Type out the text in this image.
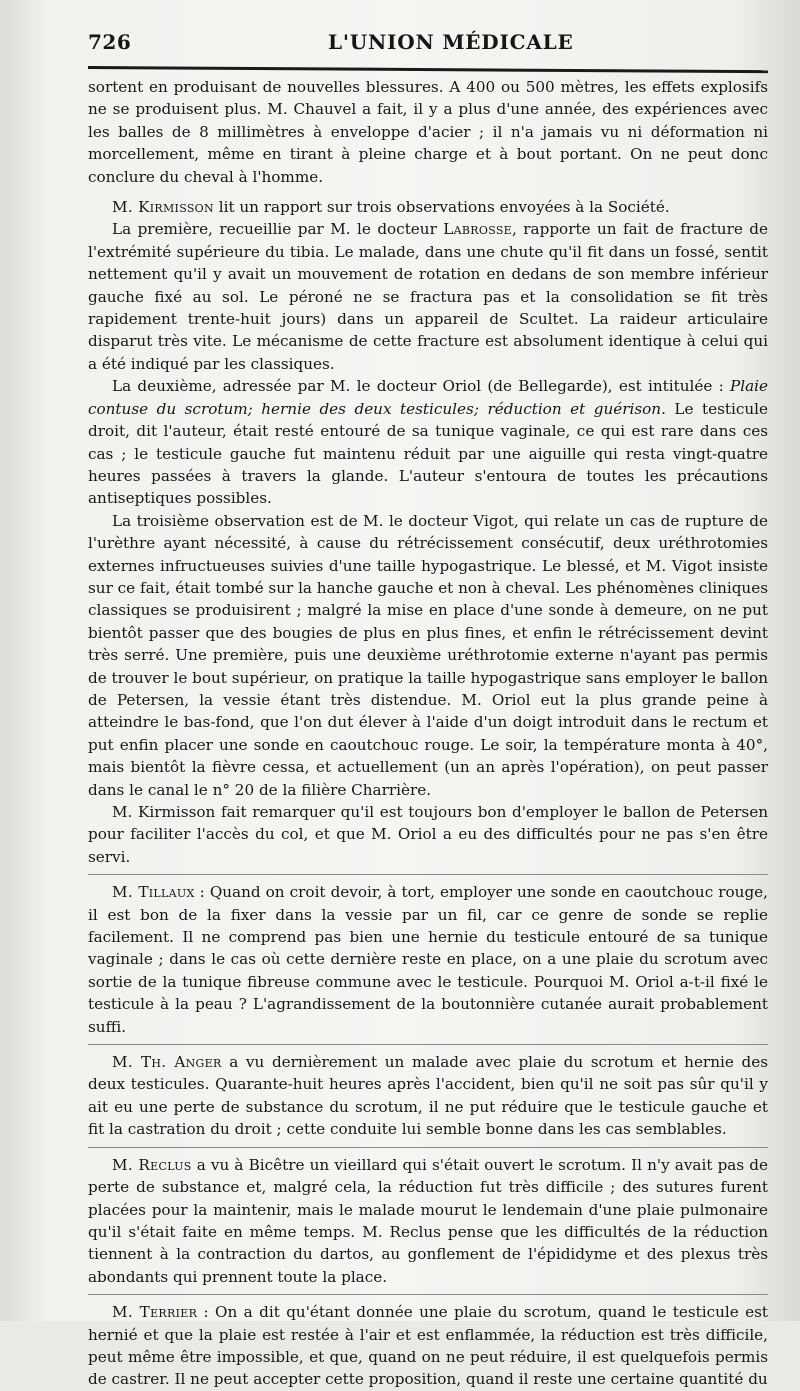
726	L'UNION MÉDICALE

sortent en produisant de nouvelles blessures. A 400 ou 500 mètres, les effets explosifs ne se produisent plus. M. Chauvel a fait, il y a plus d'une année, des expériences avec les balles de 8 millimètres à enveloppe d'acier ; il n'a jamais vu ni déformation ni morcellement, même en tirant à pleine charge et à bout portant. On ne peut donc conclure du cheval à l'homme.

M. Kirmisson lit un rapport sur trois observations envoyées à la Société.

La première, recueillie par M. le docteur Labrosse, rapporte un fait de fracture de l'extrémité supérieure du tibia. Le malade, dans une chute qu'il fit dans un fossé, sentit nettement qu'il y avait un mouvement de rotation en dedans de son membre inférieur gauche fixé au sol. Le péroné ne se fractura pas et la consolidation se fit très rapidement trente-huit jours) dans un appareil de Scultet. La raideur articulaire disparut très vite. Le mécanisme de cette fracture est absolument identique à celui qui a été indiqué par les classiques.

La deuxième, adressée par M. le docteur Oriol (de Bellegarde), est intitulée : Plaie contuse du scrotum; hernie des deux testicules; réduction et guérison. Le testicule droit, dit l'auteur, était resté entouré de sa tunique vaginale, ce qui est rare dans ces cas ; le testicule gauche fut maintenu réduit par une aiguille qui resta vingt-quatre heures passées à travers la glande. L'auteur s'entoura de toutes les précautions antiseptiques possibles.

La troisième observation est de M. le docteur Vigot, qui relate un cas de rupture de l'urèthre ayant nécessité, à cause du rétrécissement consécutif, deux uréthrotomies externes infructueuses suivies d'une taille hypogastrique. Le blessé, et M. Vigot insiste sur ce fait, était tombé sur la hanche gauche et non à cheval. Les phénomènes cliniques classiques se produisirent ; malgré la mise en place d'une sonde à demeure, on ne put bientôt passer que des bougies de plus en plus fines, et enfin le rétrécissement devint très serré. Une première, puis une deuxième uréthrotomie externe n'ayant pas permis de trouver le bout supérieur, on pratique la taille hypogastrique sans employer le ballon de Petersen, la vessie étant très distendue. M. Oriol eut la plus grande peine à atteindre le bas-fond, que l'on dut élever à l'aide d'un doigt introduit dans le rectum et put enfin placer une sonde en caoutchouc rouge. Le soir, la température monta à 40°, mais bientôt la fièvre cessa, et actuellement (un an après l'opération), on peut passer dans le canal le n° 20 de la filière Charrière.

M. Kirmisson fait remarquer qu'il est toujours bon d'employer le ballon de Petersen pour faciliter l'accès du col, et que M. Oriol a eu des difficultés pour ne pas s'en être servi.

M. Tillaux : Quand on croit devoir, à tort, employer une sonde en caoutchouc rouge, il est bon de la fixer dans la vessie par un fil, car ce genre de sonde se replie facilement. Il ne comprend pas bien une hernie du testicule entouré de sa tunique vaginale ; dans le cas où cette dernière reste en place, on a une plaie du scrotum avec sortie de la tunique fibreuse commune avec le testicule. Pourquoi M. Oriol a-t-il fixé le testicule à la peau ? L'agrandissement de la boutonnière cutanée aurait probablement suffi.

M. Th. Anger a vu dernièrement un malade avec plaie du scrotum et hernie des deux testicules. Quarante-huit heures après l'accident, bien qu'il ne soit pas sûr qu'il y ait eu une perte de substance du scrotum, il ne put réduire que le testicule gauche et fit la castration du droit ; cette conduite lui semble bonne dans les cas semblables.

M. Reclus a vu à Bicêtre un vieillard qui s'était ouvert le scrotum. Il n'y avait pas de perte de substance et, malgré cela, la réduction fut très difficile ; des sutures furent placées pour la maintenir, mais le malade mourut le lendemain d'une plaie pulmonaire qu'il s'était faite en même temps. M. Reclus pense que les difficultés de la réduction tiennent à la contraction du dartos, au gonflement de l'épididyme et des plexus très abondants qui prennent toute la place.

M. Terrier : On a dit qu'étant donnée une plaie du scrotum, quand le testicule est hernié et que la plaie est restée à l'air et est enflammée, la réduction est très difficile, peut même être impossible, et que, quand on ne peut réduire, il est quelquefois permis de castrer. Il ne peut accepter cette proposition, quand il reste une certaine quantité du
